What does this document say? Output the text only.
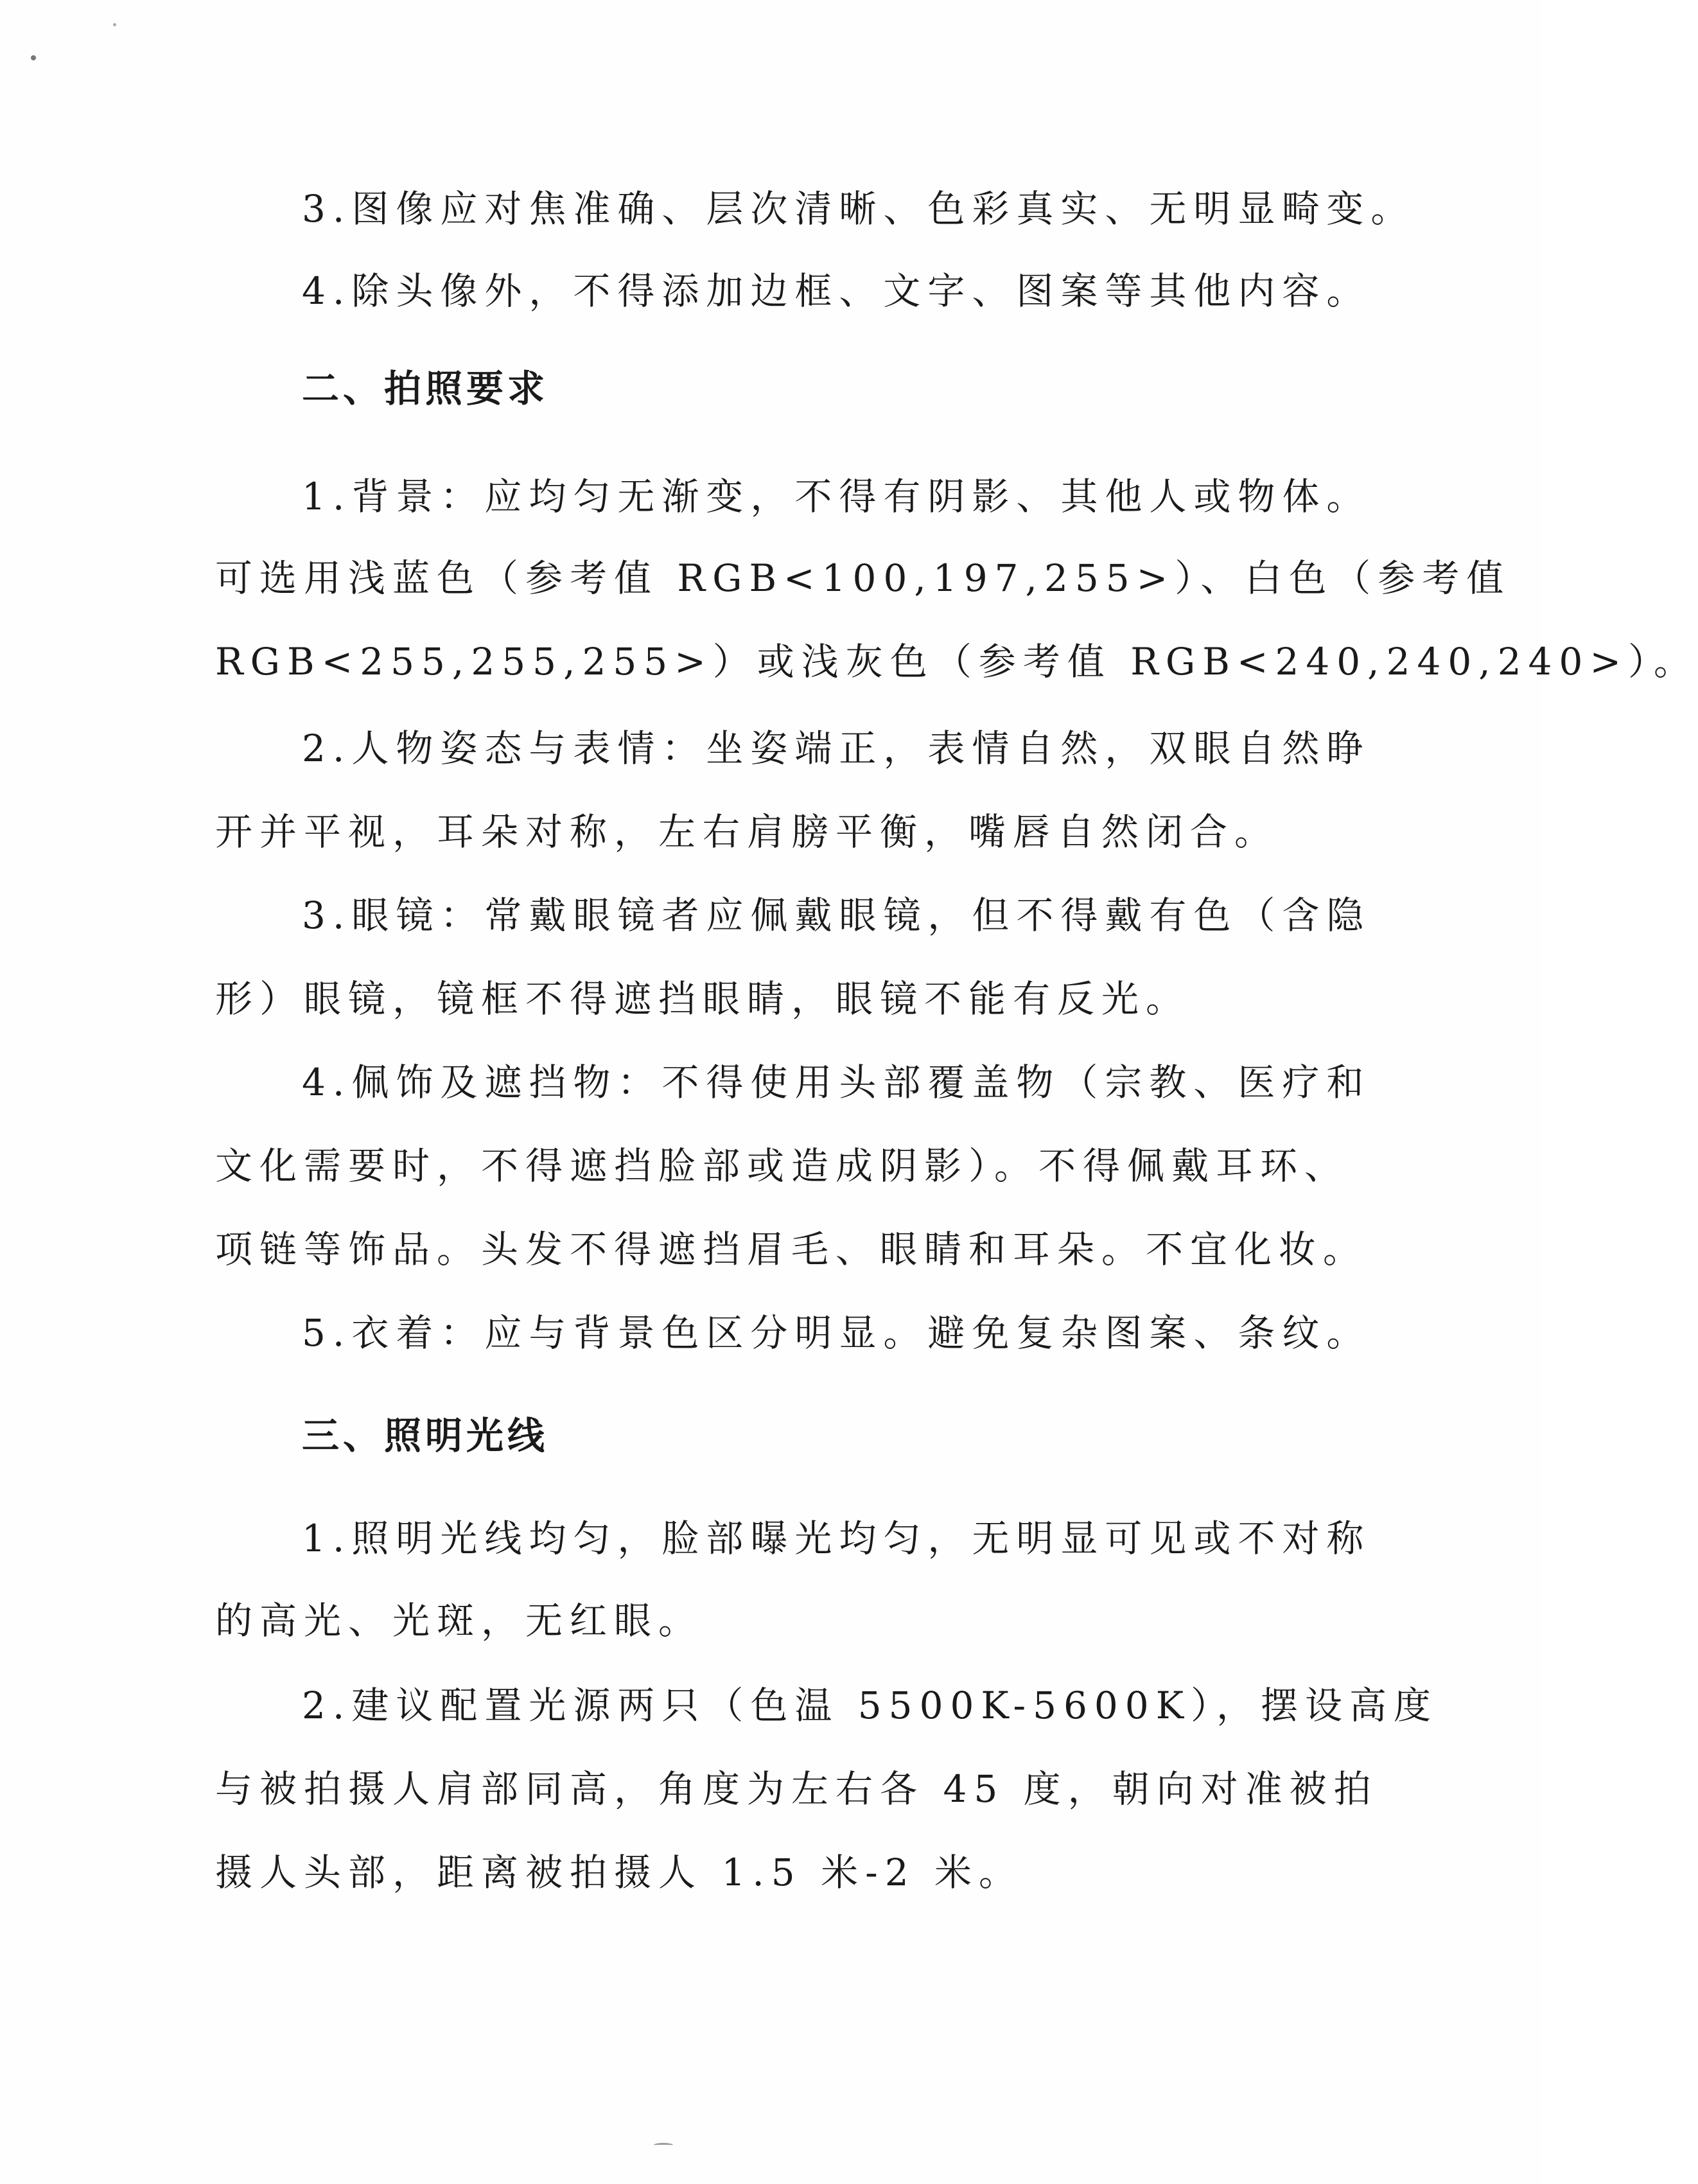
3.图像应对焦准确、层次清晰、色彩真实、无明显畸变。
4.除头像外，不得添加边框、文字、图案等其他内容。
二、拍照要求
1.背景：应均匀无渐变，不得有阴影、其他人或物体。
可选用浅蓝色（参考值 RGB<100,197,255>）、白色（参考值
RGB<255,255,255>）或浅灰色（参考值 RGB<240,240,240>）。
2.人物姿态与表情：坐姿端正，表情自然，双眼自然睁
开并平视，耳朵对称，左右肩膀平衡，嘴唇自然闭合。
3.眼镜：常戴眼镜者应佩戴眼镜，但不得戴有色（含隐
形）眼镜，镜框不得遮挡眼睛，眼镜不能有反光。
4.佩饰及遮挡物：不得使用头部覆盖物（宗教、医疗和
文化需要时，不得遮挡脸部或造成阴影）。不得佩戴耳环、
项链等饰品。头发不得遮挡眉毛、眼睛和耳朵。不宜化妆。
5.衣着：应与背景色区分明显。避免复杂图案、条纹。
三、照明光线
1.照明光线均匀，脸部曝光均匀，无明显可见或不对称
的高光、光斑，无红眼。
2.建议配置光源两只（色温 5500K-5600K），摆设高度
与被拍摄人肩部同高，角度为左右各 45 度，朝向对准被拍
摄人头部，距离被拍摄人 1.5 米-2 米。
